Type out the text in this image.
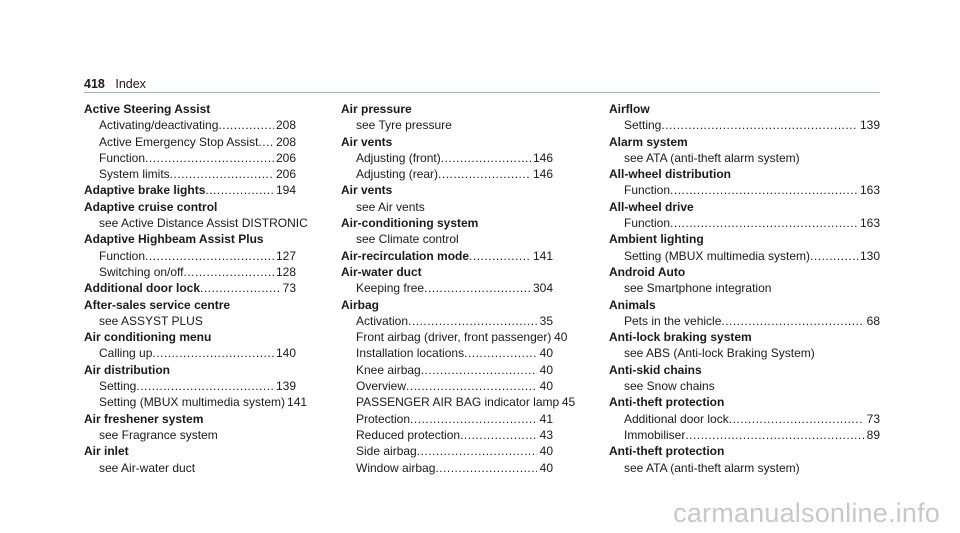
418 Index
Active Steering Assist
Activating/deactivating .....	208
Active Emergency Stop Assist ..... 208
Function .....	206
System limits .....	206
Adaptive brake lights .....	194
Adaptive cruise control
see Active Distance Assist DISTRONIC
Adaptive Highbeam Assist Plus
Function .....	127
Switching on/off .....	128
Additional door lock .....	73
After-sales service centre
see ASSYST PLUS
Air conditioning menu
Calling up .....	140
Air distribution
Setting .....	139
Setting (MBUX multimedia system) 141
Air freshener system
see Fragrance system
Air inlet
see Air-water duct
Air pressure
see Tyre pressure
Air vents
Adjusting (front) .....	146
Adjusting (rear) .....	146
Air vents
see Air vents
Air-conditioning system
see Climate control
Air-recirculation mode .....	141
Air-water duct
Keeping free .....	304
Airbag
Activation .....	35
Front airbag (driver, front passenger) 40
Installation locations .....	40
Knee airbag .....	40
Overview .....	40
PASSENGER AIR BAG indicator lamp 45
Protection .....	41
Reduced protection .....	43
Side airbag .....	40
Window airbag .....	40
Airflow
Setting .....	139
Alarm system
see ATA (anti-theft alarm system)
All-wheel distribution
Function .....	163
All-wheel drive
Function .....	163
Ambient lighting
Setting (MBUX multimedia system) .....	130
Android Auto
see Smartphone integration
Animals
Pets in the vehicle .....	68
Anti-lock braking system
see ABS (Anti-lock Braking System)
Anti-skid chains
see Snow chains
Anti-theft protection
Additional door lock .....	73
Immobiliser .....	89
Anti-theft protection
see ATA (anti-theft alarm system)
carmanualsonline.info
